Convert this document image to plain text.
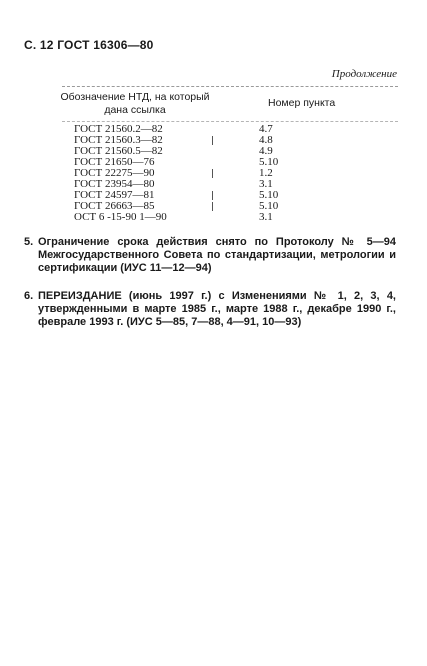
С. 12 ГОСТ 16306—80
Продолжение
Обозначение НТД, на который дана ссылка
Номер пункта
ГОСТ 21560.2—82	4.7
ГОСТ 21560.3—82	4.8
ГОСТ 21560.5—82	4.9
ГОСТ 21650—76	5.10
ГОСТ 22275—90	1.2
ГОСТ 23954—80	3.1
ГОСТ 24597—81	5.10
ГОСТ 26663—85	5.10
ОСТ 6 -15-90 1—90	3.1
5. Ограничение срока действия снято по Протоколу № 5—94 Межгосударственного Совета по стандартизации, метрологии и сертификации (ИУС 11—12—94)
6. ПЕРЕИЗДАНИЕ (июнь 1997 г.) с Изменениями № 1, 2, 3, 4, утвержденными в марте 1985 г., марте 1988 г., декабре 1990 г., феврале 1993 г. (ИУС 5—85, 7—88, 4—91, 10—93)
